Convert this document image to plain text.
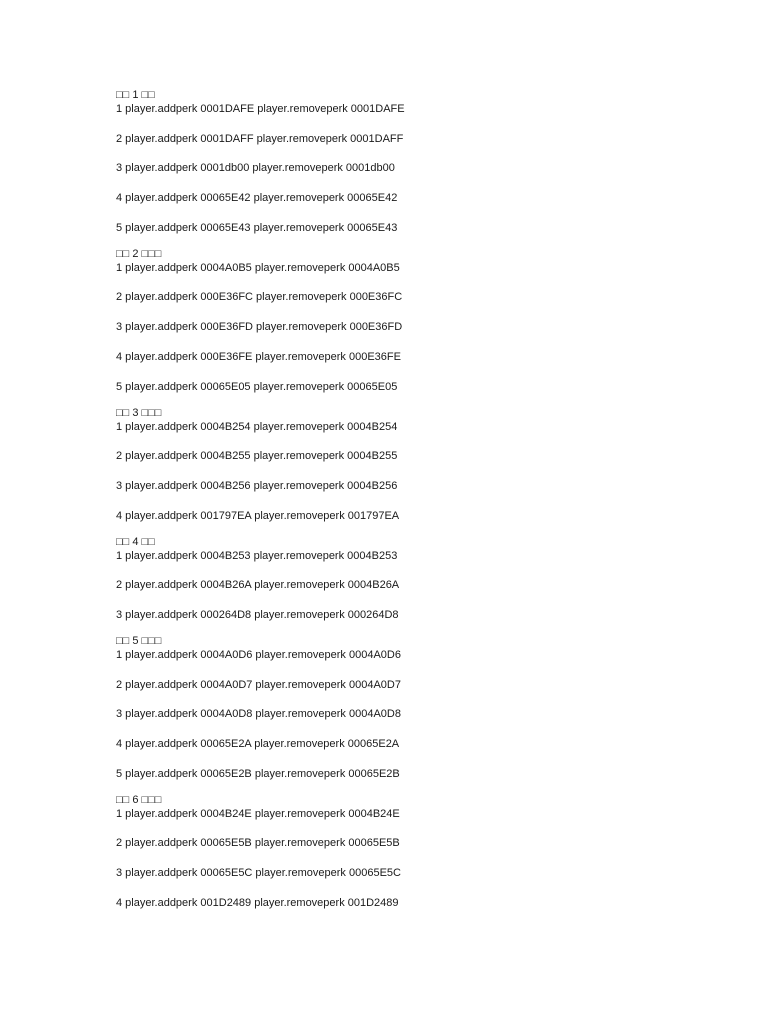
□□ 1 □□
1 player.addperk 0001DAFE player.removeperk 0001DAFE
2 player.addperk 0001DAFF player.removeperk 0001DAFF
3 player.addperk 0001db00 player.removeperk 0001db00
4 player.addperk 00065E42 player.removeperk 00065E42
5 player.addperk 00065E43 player.removeperk 00065E43
□□ 2 □□□
1 player.addperk 0004A0B5 player.removeperk 0004A0B5
2 player.addperk 000E36FC player.removeperk 000E36FC
3 player.addperk 000E36FD player.removeperk 000E36FD
4 player.addperk 000E36FE player.removeperk 000E36FE
5 player.addperk 00065E05 player.removeperk 00065E05
□□ 3 □□□
1 player.addperk 0004B254 player.removeperk 0004B254
2 player.addperk 0004B255 player.removeperk 0004B255
3 player.addperk 0004B256 player.removeperk 0004B256
4 player.addperk 001797EA player.removeperk 001797EA
□□ 4 □□
1 player.addperk 0004B253 player.removeperk 0004B253
2 player.addperk 0004B26A player.removeperk 0004B26A
3 player.addperk 000264D8 player.removeperk 000264D8
□□ 5 □□□
1 player.addperk 0004A0D6 player.removeperk 0004A0D6
2 player.addperk 0004A0D7 player.removeperk 0004A0D7
3 player.addperk 0004A0D8 player.removeperk 0004A0D8
4 player.addperk 00065E2A player.removeperk 00065E2A
5 player.addperk 00065E2B player.removeperk 00065E2B
□□ 6 □□□
1 player.addperk 0004B24E player.removeperk 0004B24E
2 player.addperk 00065E5B player.removeperk 00065E5B
3 player.addperk 00065E5C player.removeperk 00065E5C
4 player.addperk 001D2489 player.removeperk 001D2489
